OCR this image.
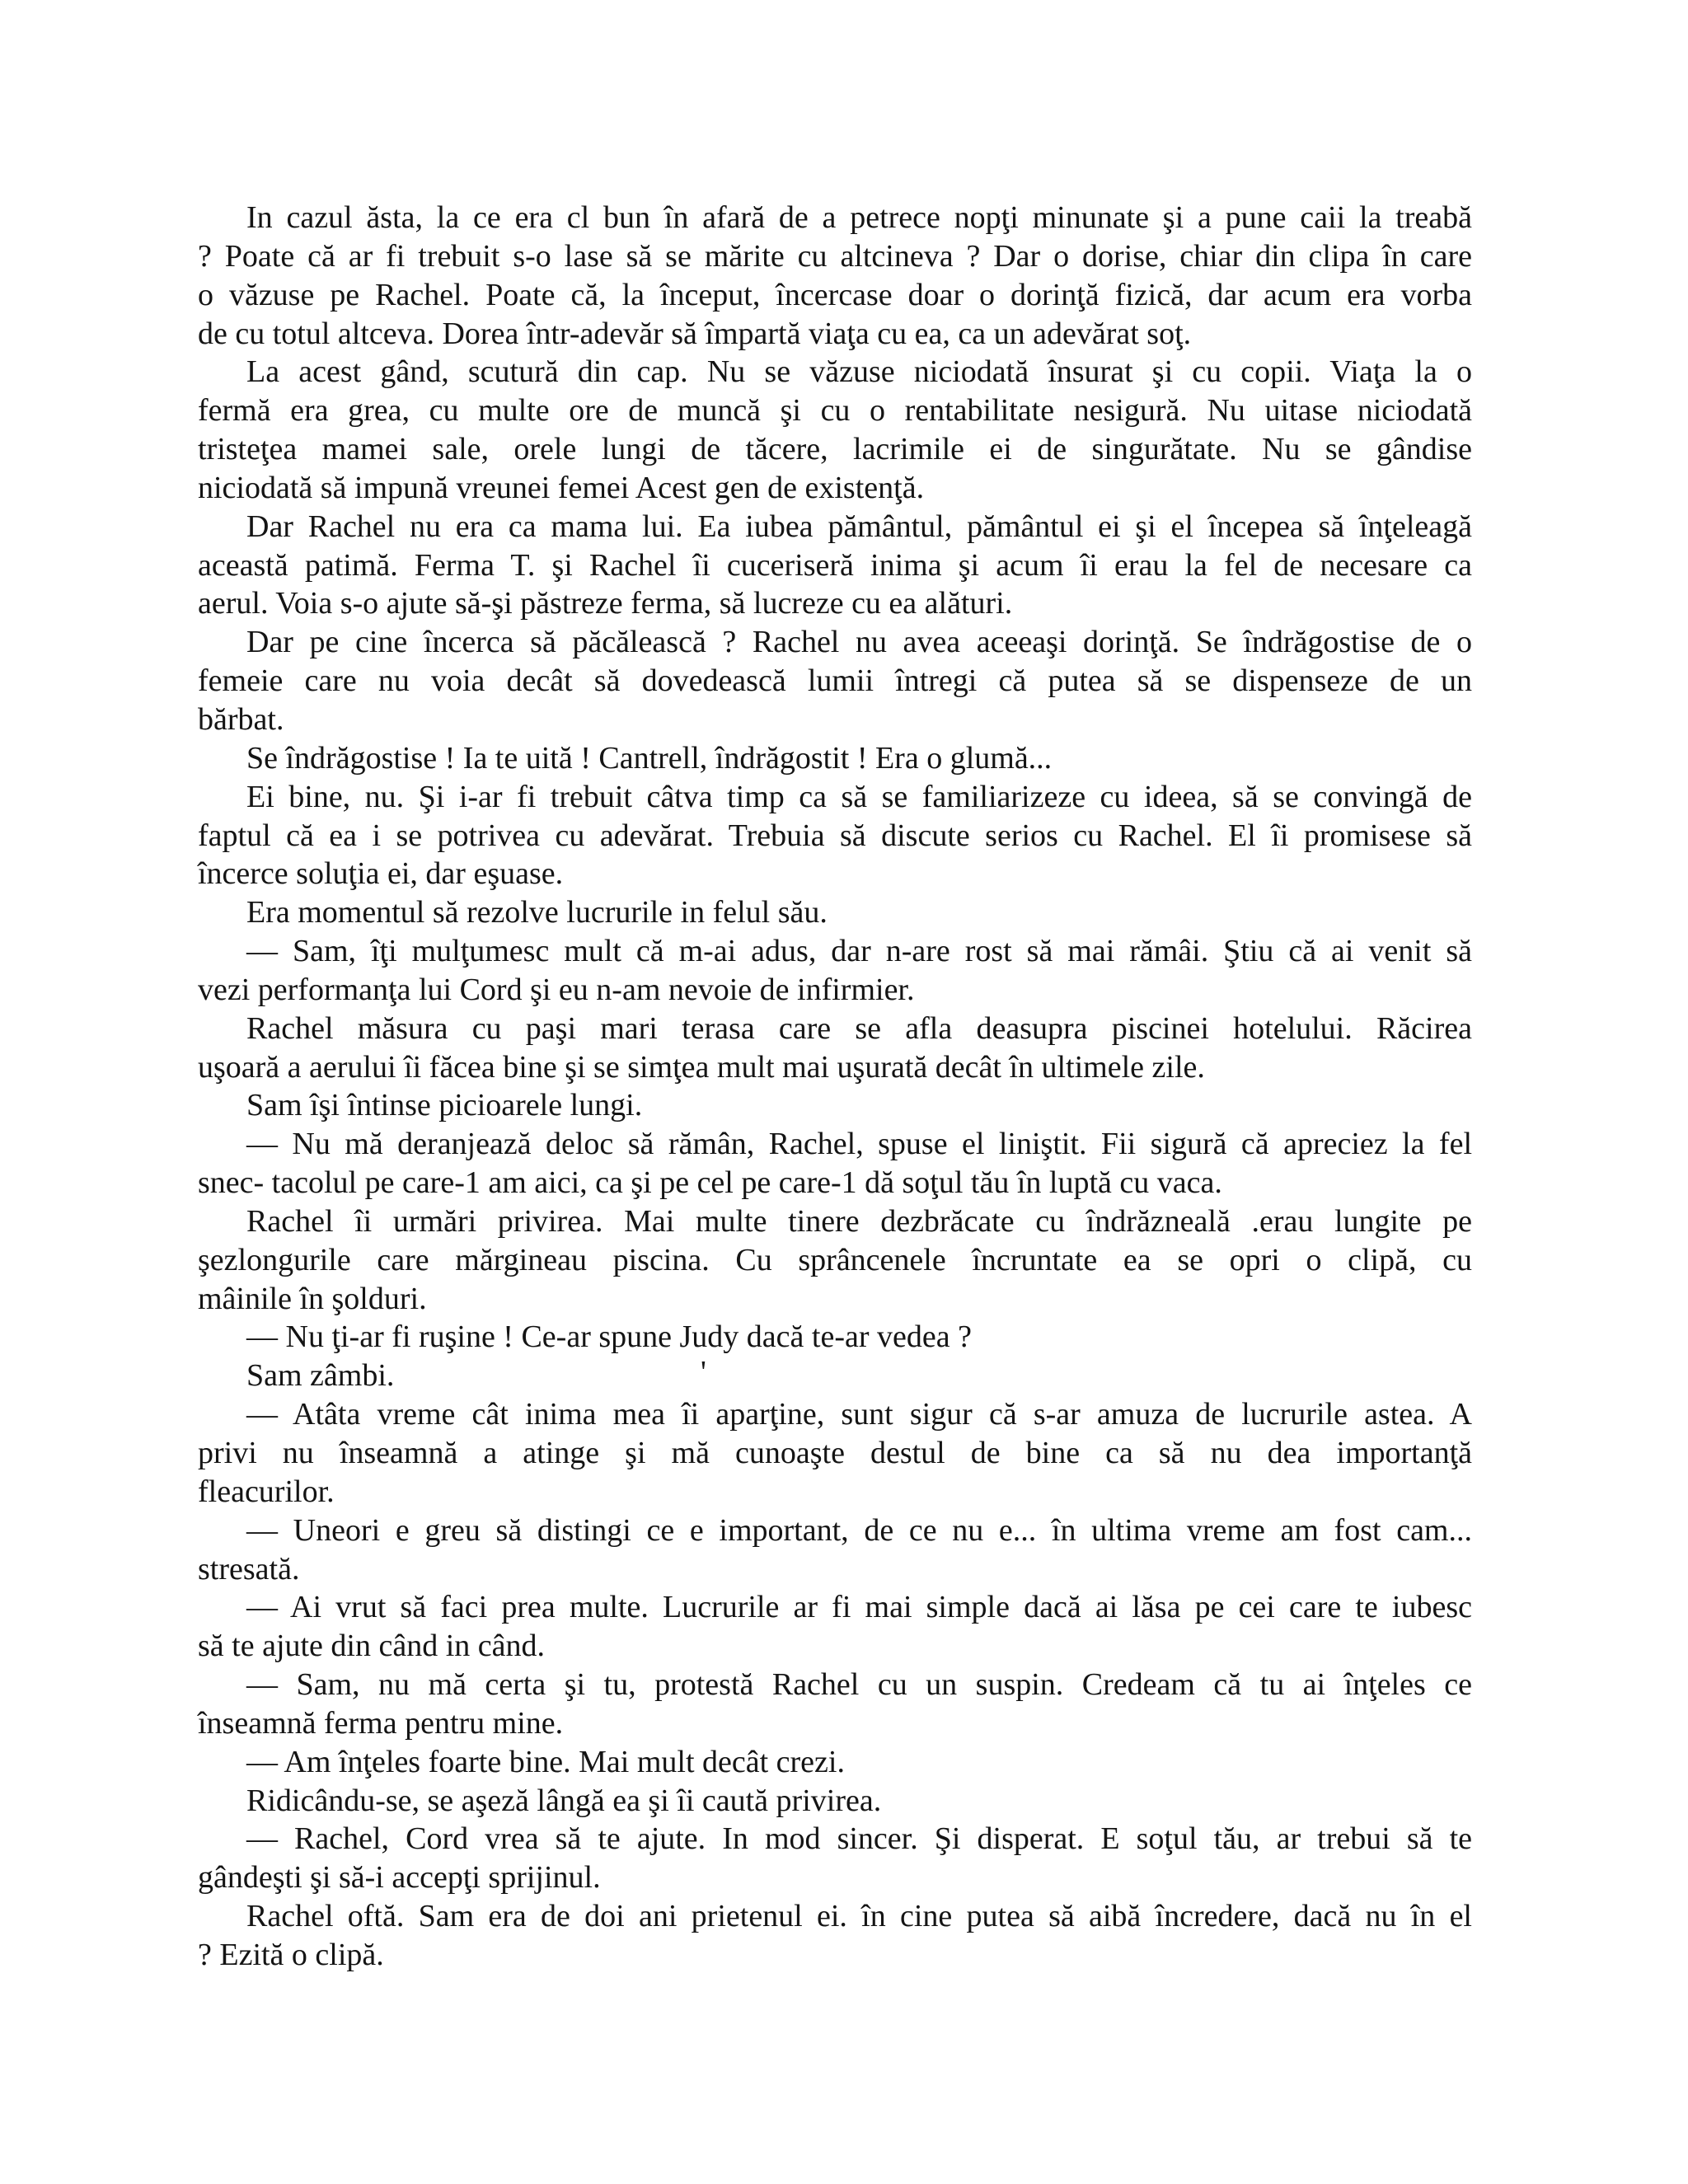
In cazul ăsta, la ce era cl bun în afară de a petrece nopţi minunate şi a pune caii la treabă
? Poate că ar fi trebuit s-o lase să se mărite cu altcineva ? Dar o dorise, chiar din clipa în care
o văzuse pe Rachel. Poate că, la început, încercase doar o dorinţă fizică, dar acum era vorba
de cu totul altceva. Dorea într-adevăr să împartă viaţa cu ea, ca un adevărat soţ.
La acest gând, scutură din cap. Nu se văzuse niciodată însurat şi cu copii. Viaţa la o
fermă era grea, cu multe ore de muncă şi cu o rentabilitate nesigură. Nu uitase niciodată
tristeţea mamei sale, orele lungi de tăcere, lacrimile ei de singurătate. Nu se gândise
niciodată să impună vreunei femei Acest gen de existenţă.
Dar Rachel nu era ca mama lui. Ea iubea pământul, pământul ei şi el începea să înţeleagă
această patimă. Ferma T. şi Rachel îi cuceriseră inima şi acum îi erau la fel de necesare ca
aerul. Voia s-o ajute să-şi păstreze ferma, să lucreze cu ea alături.
Dar pe cine încerca să păcălească ? Rachel nu avea aceeaşi dorinţă. Se îndrăgostise de o
femeie care nu voia decât să dovedească lumii întregi că putea să se dispenseze de un
bărbat.
Se îndrăgostise ! Ia te uită ! Cantrell, îndrăgostit ! Era o glumă...
Ei bine, nu. Şi i-ar fi trebuit câtva timp ca să se familiarizeze cu ideea, să se convingă de
faptul că ea i se potrivea cu adevărat. Trebuia să discute serios cu Rachel. El îi promisese să
încerce soluţia ei, dar eşuase.
Era momentul să rezolve lucrurile in felul său.
— Sam, îţi mulţumesc mult că m-ai adus, dar n-are rost să mai rămâi. Ştiu că ai venit să
vezi performanţa lui Cord şi eu n-am nevoie de infirmier.
Rachel măsura cu paşi mari terasa care se afla deasupra piscinei hotelului. Răcirea
uşoară a aerului îi făcea bine şi se simţea mult mai uşurată decât în ultimele zile.
Sam îşi întinse picioarele lungi.
— Nu mă deranjează deloc să rămân, Rachel, spuse el liniştit. Fii sigură că apreciez la fel
snec- tacolul pe care-1 am aici, ca şi pe cel pe care-1 dă soţul tău în luptă cu vaca.
Rachel îi urmări privirea. Mai multe tinere dezbrăcate cu îndrăzneală .erau lungite pe
şezlongurile care mărgineau piscina. Cu sprâncenele încruntate ea se opri o clipă, cu
mâinile în şolduri.
— Nu ţi-ar fi ruşine ! Ce-ar spune Judy dacă te-ar vedea ?
Sam zâmbi.	'
— Atâta vreme cât inima mea îi aparţine, sunt sigur că s-ar amuza de lucrurile astea. A
privi nu înseamnă a atinge şi mă cunoaşte destul de bine ca să nu dea importanţă
fleacurilor.
— Uneori e greu să distingi ce e important, de ce nu e... în ultima vreme am fost cam...
stresată.
— Ai vrut să faci prea multe. Lucrurile ar fi mai simple dacă ai lăsa pe cei care te iubesc
să te ajute din când in când.
— Sam, nu mă certa şi tu, protestă Rachel cu un suspin. Credeam că tu ai înţeles ce
înseamnă ferma pentru mine.
— Am înţeles foarte bine. Mai mult decât crezi.
Ridicându-se, se aşeză lângă ea şi îi caută privirea.
— Rachel, Cord vrea să te ajute. In mod sincer. Şi disperat. E soţul tău, ar trebui să te
gândeşti şi să-i accepţi sprijinul.
Rachel oftă. Sam era de doi ani prietenul ei. în cine putea să aibă încredere, dacă nu în el
? Ezită o clipă.
